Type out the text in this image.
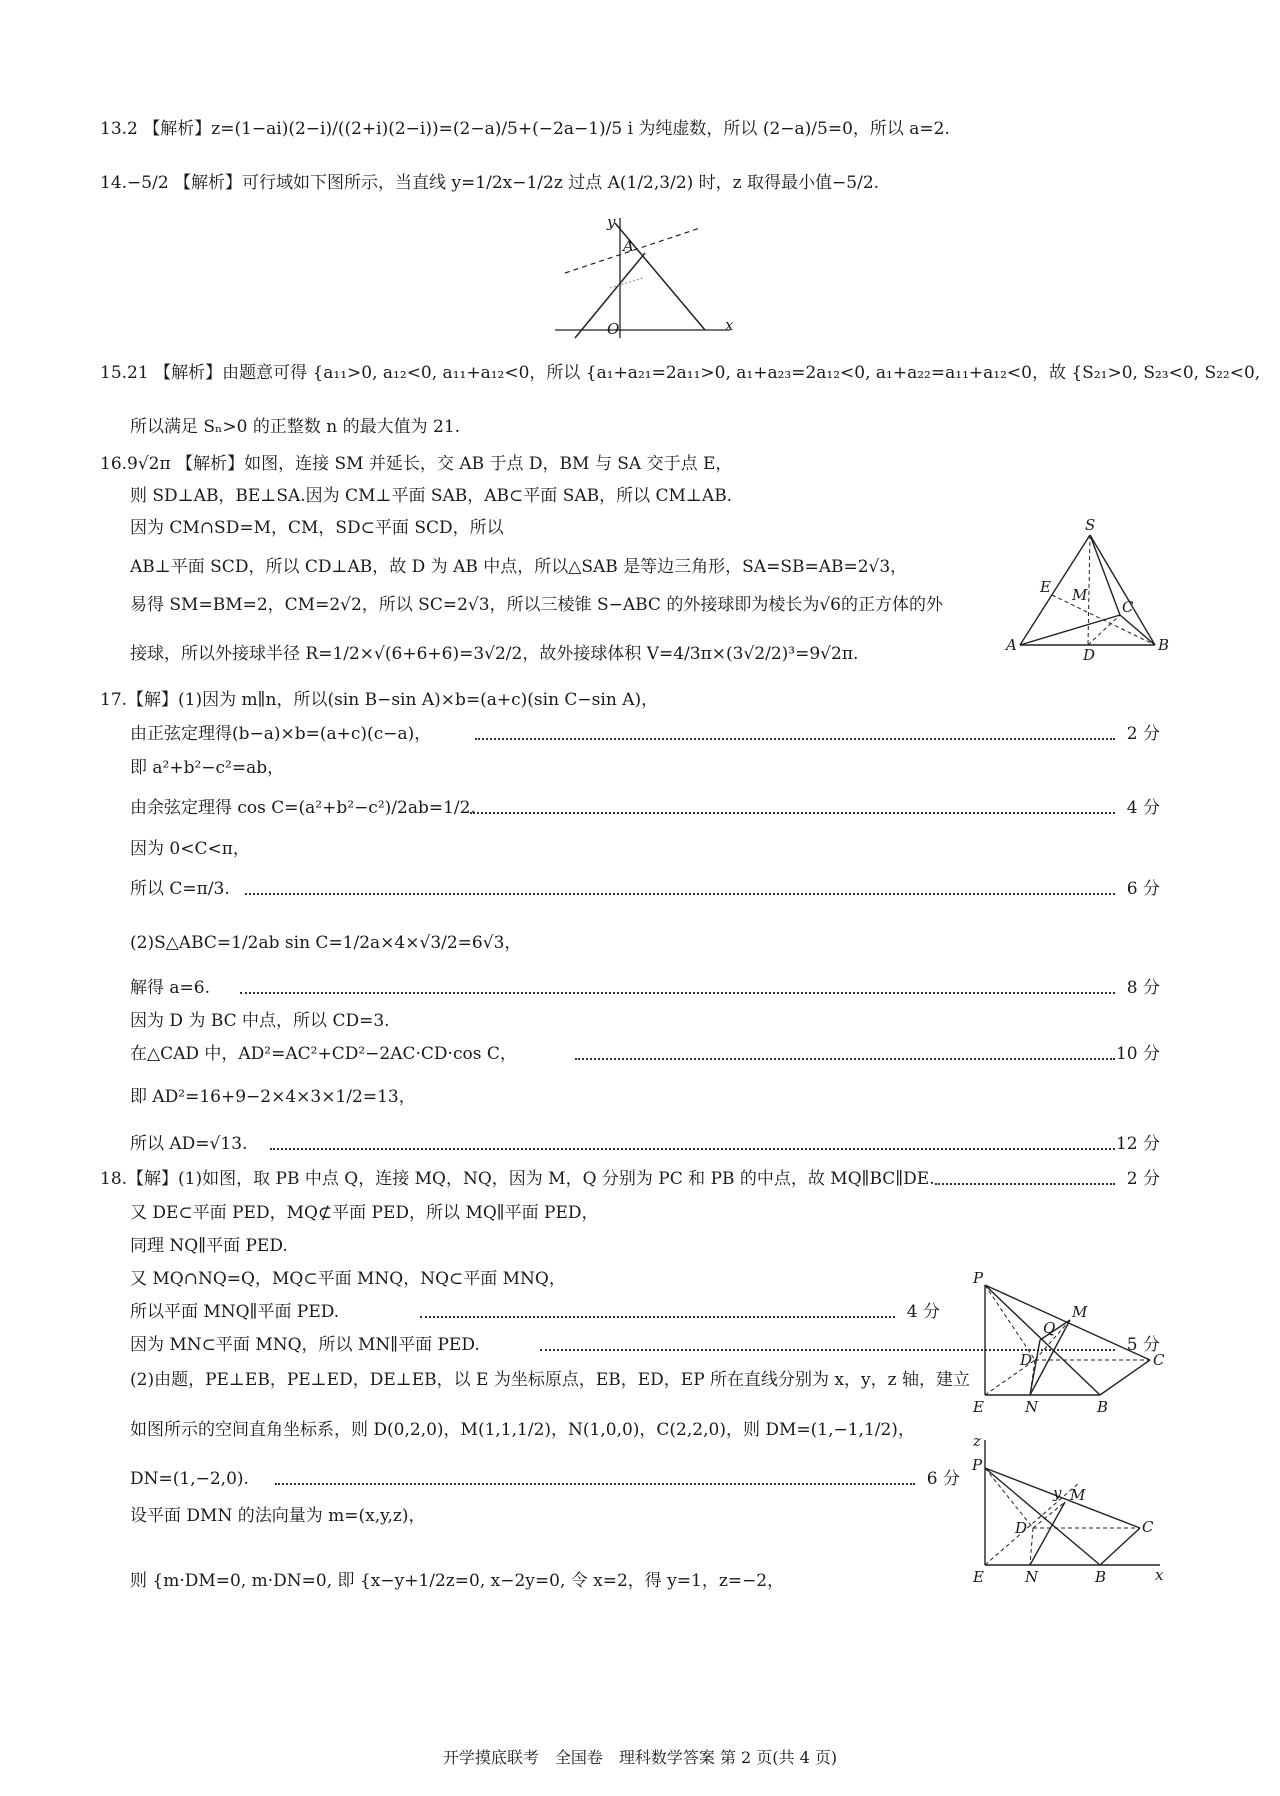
13.2 【解析】z=(1−ai)(2−i)/((2+i)(2−i))=(2−a)/5+(−2a−1)/5 i 为纯虚数，所以 (2−a)/5=0，所以 a=2.
14.−5/2 【解析】可行域如下图所示，当直线 y=1/2x−1/2z 过点 A(1/2,3/2) 时，z 取得最小值−5/2.
15.21 【解析】由题意可得 {a₁₁>0, a₁₂<0, a₁₁+a₁₂<0，所以 {a₁+a₂₁=2a₁₁>0, a₁+a₂₃=2a₁₂<0, a₁+a₂₂=a₁₁+a₁₂<0，故 {S₂₁>0, S₂₃<0, S₂₂<0,
所以满足 Sₙ>0 的正整数 n 的最大值为 21.
16.9√2π 【解析】如图，连接 SM 并延长，交 AB 于点 D，BM 与 SA 交于点 E，
则 SD⊥AB，BE⊥SA.因为 CM⊥平面 SAB，AB⊂平面 SAB，所以 CM⊥AB.
因为 CM∩SD=M，CM，SD⊂平面 SCD，所以
AB⊥平面 SCD，所以 CD⊥AB，故 D 为 AB 中点，所以△SAB 是等边三角形，SA=SB=AB=2√3，
易得 SM=BM=2，CM=2√2，所以 SC=2√3，所以三棱锥 S−ABC 的外接球即为棱长为√6的正方体的外
接球，所以外接球半径 R=1/2×√(6+6+6)=3√2/2，故外接球体积 V=4/3π×(3√2/2)³=9√2π.
17.【解】(1)因为 m∥n，所以(sin B−sin A)×b=(a+c)(sin C−sin A)，
由正弦定理得(b−a)×b=(a+c)(c−a)，	2 分
即 a²+b²−c²=ab，
由余弦定理得 cos C=(a²+b²−c²)/2ab=1/2.	4 分
因为 0<C<π，
所以 C=π/3.	6 分
(2)S△ABC=1/2ab sin C=1/2a×4×√3/2=6√3，
解得 a=6.	8 分
因为 D 为 BC 中点，所以 CD=3.
在△CAD 中，AD²=AC²+CD²−2AC·CD·cos C，	10 分
即 AD²=16+9−2×4×3×1/2=13，
所以 AD=√13.	12 分
18.【解】(1)如图，取 PB 中点 Q，连接 MQ，NQ，因为 M，Q 分别为 PC 和 PB 的中点，故 MQ∥BC∥DE.	2 分
又 DE⊂平面 PED，MQ⊄平面 PED，所以 MQ∥平面 PED，
同理 NQ∥平面 PED.
又 MQ∩NQ=Q，MQ⊂平面 MNQ，NQ⊂平面 MNQ，
所以平面 MNQ∥平面 PED.	4 分
因为 MN⊂平面 MNQ，所以 MN∥平面 PED.	5 分
(2)由题，PE⊥EB，PE⊥ED，DE⊥EB，以 E 为坐标原点，EB，ED，EP 所在直线分别为 x，y，z 轴，建立
如图所示的空间直角坐标系，则 D(0,2,0)，M(1,1,1/2)，N(1,0,0)，C(2,2,0)，则 DM=(1,−1,1/2)，
DN=(1,−2,0).	6 分
设平面 DMN 的法向量为 m=(x,y,z)，
则 {m·DM=0, m·DN=0, 即 {x−y+1/2z=0, x−2y=0, 令 x=2，得 y=1，z=−2，
y
A
O	x
S
E M
C
A
D
B
P
M
Q
D	C
E	N	B
z
P
M
y
D	C
E	N	B	x
开学摸底联考　全国卷　理科数学答案 第 2 页(共 4 页)
